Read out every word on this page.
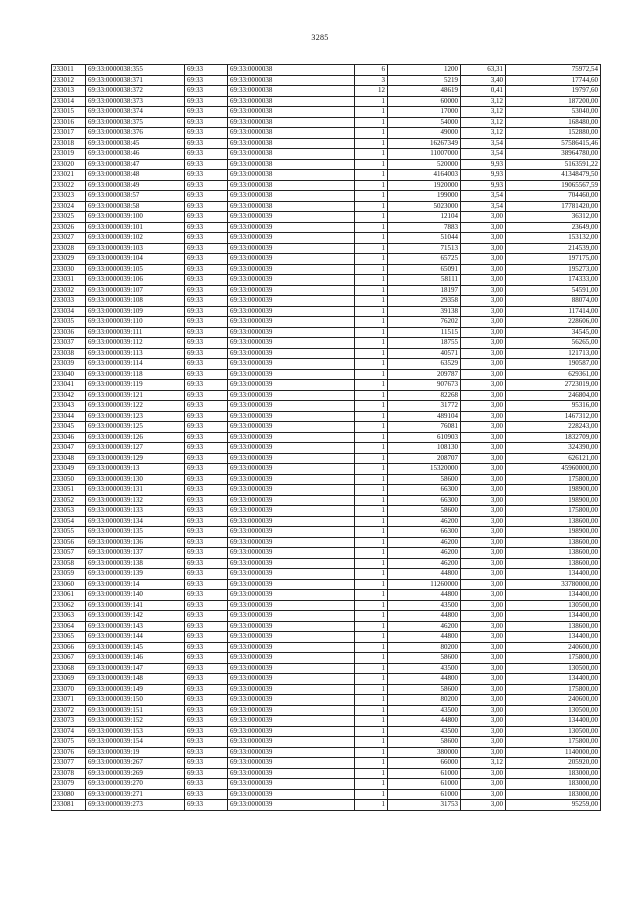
3285
233011	69:33:0000038:355	69:33	69:33:0000038	6	1200	63,31	75972,54
233012	69:33:0000038:371	69:33	69:33:0000038	3	5219	3,40	17744,60
233013	69:33:0000038:372	69:33	69:33:0000038	12	48619	0,41	19797,60
233014	69:33:0000038:373	69:33	69:33:0000038	1	60000	3,12	187200,00
233015	69:33:0000038:374	69:33	69:33:0000038	1	17000	3,12	53040,00
233016	69:33:0000038:375	69:33	69:33:0000038	1	54000	3,12	168480,00
233017	69:33:0000038:376	69:33	69:33:0000038	1	49000	3,12	152880,00
233018	69:33:0000038:45	69:33	69:33:0000038	1	16267349	3,54	57586415,46
233019	69:33:0000038:46	69:33	69:33:0000038	1	11007000	3,54	38964780,00
233020	69:33:0000038:47	69:33	69:33:0000038	1	520000	9,93	5163591,22
233021	69:33:0000038:48	69:33	69:33:0000038	1	4164003	9,93	41348479,50
233022	69:33:0000038:49	69:33	69:33:0000038	1	1920000	9,93	19065567,59
233023	69:33:0000038:57	69:33	69:33:0000038	1	199000	3,54	704460,00
233024	69:33:0000038:58	69:33	69:33:0000038	1	5023000	3,54	17781420,00
233025	69:33:0000039:100	69:33	69:33:0000039	1	12104	3,00	36312,00
233026	69:33:0000039:101	69:33	69:33:0000039	1	7883	3,00	23649,00
233027	69:33:0000039:102	69:33	69:33:0000039	1	51044	3,00	153132,00
233028	69:33:0000039:103	69:33	69:33:0000039	1	71513	3,00	214539,00
233029	69:33:0000039:104	69:33	69:33:0000039	1	65725	3,00	197175,00
233030	69:33:0000039:105	69:33	69:33:0000039	1	65091	3,00	195273,00
233031	69:33:0000039:106	69:33	69:33:0000039	1	58111	3,00	174333,00
233032	69:33:0000039:107	69:33	69:33:0000039	1	18197	3,00	54591,00
233033	69:33:0000039:108	69:33	69:33:0000039	1	29358	3,00	88074,00
233034	69:33:0000039:109	69:33	69:33:0000039	1	39138	3,00	117414,00
233035	69:33:0000039:110	69:33	69:33:0000039	1	76202	3,00	228606,00
233036	69:33:0000039:111	69:33	69:33:0000039	1	11515	3,00	34545,00
233037	69:33:0000039:112	69:33	69:33:0000039	1	18755	3,00	56265,00
233038	69:33:0000039:113	69:33	69:33:0000039	1	40571	3,00	121713,00
233039	69:33:0000039:114	69:33	69:33:0000039	1	63529	3,00	190587,00
233040	69:33:0000039:118	69:33	69:33:0000039	1	209787	3,00	629361,00
233041	69:33:0000039:119	69:33	69:33:0000039	1	907673	3,00	2723019,00
233042	69:33:0000039:121	69:33	69:33:0000039	1	82268	3,00	246804,00
233043	69:33:0000039:122	69:33	69:33:0000039	1	31772	3,00	95316,00
233044	69:33:0000039:123	69:33	69:33:0000039	1	489104	3,00	1467312,00
233045	69:33:0000039:125	69:33	69:33:0000039	1	76081	3,00	228243,00
233046	69:33:0000039:126	69:33	69:33:0000039	1	610903	3,00	1832709,00
233047	69:33:0000039:127	69:33	69:33:0000039	1	108130	3,00	324390,00
233048	69:33:0000039:129	69:33	69:33:0000039	1	208707	3,00	626121,00
233049	69:33:0000039:13	69:33	69:33:0000039	1	15320000	3,00	45960000,00
233050	69:33:0000039:130	69:33	69:33:0000039	1	58600	3,00	175800,00
233051	69:33:0000039:131	69:33	69:33:0000039	1	66300	3,00	198900,00
233052	69:33:0000039:132	69:33	69:33:0000039	1	66300	3,00	198900,00
233053	69:33:0000039:133	69:33	69:33:0000039	1	58600	3,00	175800,00
233054	69:33:0000039:134	69:33	69:33:0000039	1	46200	3,00	138600,00
233055	69:33:0000039:135	69:33	69:33:0000039	1	66300	3,00	198900,00
233056	69:33:0000039:136	69:33	69:33:0000039	1	46200	3,00	138600,00
233057	69:33:0000039:137	69:33	69:33:0000039	1	46200	3,00	138600,00
233058	69:33:0000039:138	69:33	69:33:0000039	1	46200	3,00	138600,00
233059	69:33:0000039:139	69:33	69:33:0000039	1	44800	3,00	134400,00
233060	69:33:0000039:14	69:33	69:33:0000039	1	11260000	3,00	33780000,00
233061	69:33:0000039:140	69:33	69:33:0000039	1	44800	3,00	134400,00
233062	69:33:0000039:141	69:33	69:33:0000039	1	43500	3,00	130500,00
233063	69:33:0000039:142	69:33	69:33:0000039	1	44800	3,00	134400,00
233064	69:33:0000039:143	69:33	69:33:0000039	1	46200	3,00	138600,00
233065	69:33:0000039:144	69:33	69:33:0000039	1	44800	3,00	134400,00
233066	69:33:0000039:145	69:33	69:33:0000039	1	80200	3,00	240600,00
233067	69:33:0000039:146	69:33	69:33:0000039	1	58600	3,00	175800,00
233068	69:33:0000039:147	69:33	69:33:0000039	1	43500	3,00	130500,00
233069	69:33:0000039:148	69:33	69:33:0000039	1	44800	3,00	134400,00
233070	69:33:0000039:149	69:33	69:33:0000039	1	58600	3,00	175800,00
233071	69:33:0000039:150	69:33	69:33:0000039	1	80200	3,00	240600,00
233072	69:33:0000039:151	69:33	69:33:0000039	1	43500	3,00	130500,00
233073	69:33:0000039:152	69:33	69:33:0000039	1	44800	3,00	134400,00
233074	69:33:0000039:153	69:33	69:33:0000039	1	43500	3,00	130500,00
233075	69:33:0000039:154	69:33	69:33:0000039	1	58600	3,00	175800,00
233076	69:33:0000039:19	69:33	69:33:0000039	1	380000	3,00	1140000,00
233077	69:33:0000039:267	69:33	69:33:0000039	1	66000	3,12	205920,00
233078	69:33:0000039:269	69:33	69:33:0000039	1	61000	3,00	183000,00
233079	69:33:0000039:270	69:33	69:33:0000039	1	61000	3,00	183000,00
233080	69:33:0000039:271	69:33	69:33:0000039	1	61000	3,00	183000,00
233081	69:33:0000039:273	69:33	69:33:0000039	1	31753	3,00	95259,00
